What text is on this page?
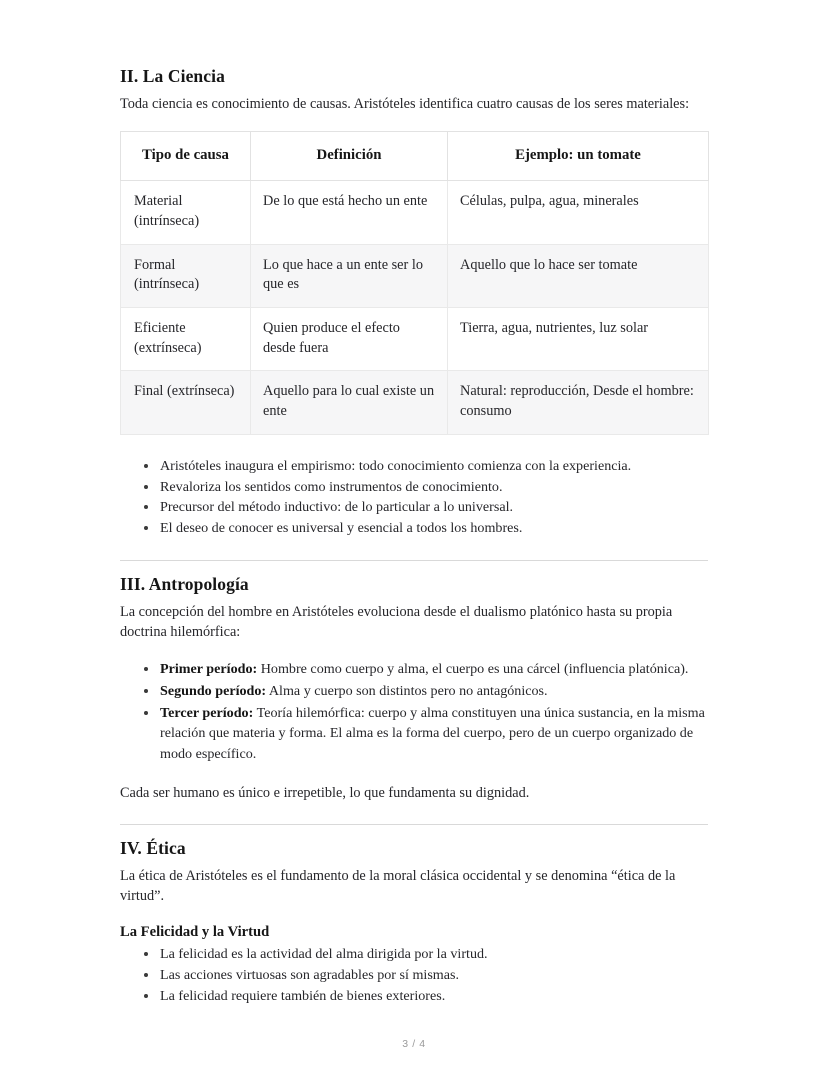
II. La Ciencia

Toda ciencia es conocimiento de causas. Aristóteles identifica cuatro causas de los seres materiales:

Tipo de causa	Definición	Ejemplo: un tomate
Material (intrínseca)	De lo que está hecho un ente	Células, pulpa, agua, minerales
Formal (intrínseca)	Lo que hace a un ente ser lo que es	Aquello que lo hace ser tomate
Eficiente (extrínseca)	Quien produce el efecto desde fuera	Tierra, agua, nutrientes, luz solar
Final (extrínseca)	Aquello para lo cual existe un ente	Natural: reproducción, Desde el hombre: consumo
Aristóteles inaugura el empirismo: todo conocimiento comienza con la experiencia.
Revaloriza los sentidos como instrumentos de conocimiento.
Precursor del método inductivo: de lo particular a lo universal.
El deseo de conocer es universal y esencial a todos los hombres.
III. Antropología

La concepción del hombre en Aristóteles evoluciona desde el dualismo platónico hasta su propia doctrina hilemórfica:

Primer período: Hombre como cuerpo y alma, el cuerpo es una cárcel (influencia platónica).
Segundo período: Alma y cuerpo son distintos pero no antagónicos.
Tercer período: Teoría hilemórfica: cuerpo y alma constituyen una única sustancia, en la misma relación que materia y forma. El alma es la forma del cuerpo, pero de un cuerpo organizado de modo específico.

Cada ser humano es único e irrepetible, lo que fundamenta su dignidad.

IV. Ética

La ética de Aristóteles es el fundamento de la moral clásica occidental y se denomina “ética de la virtud”.

La Felicidad y la Virtud
La felicidad es la actividad del alma dirigida por la virtud.
Las acciones virtuosas son agradables por sí mismas.
La felicidad requiere también de bienes exteriores.
3 / 4
